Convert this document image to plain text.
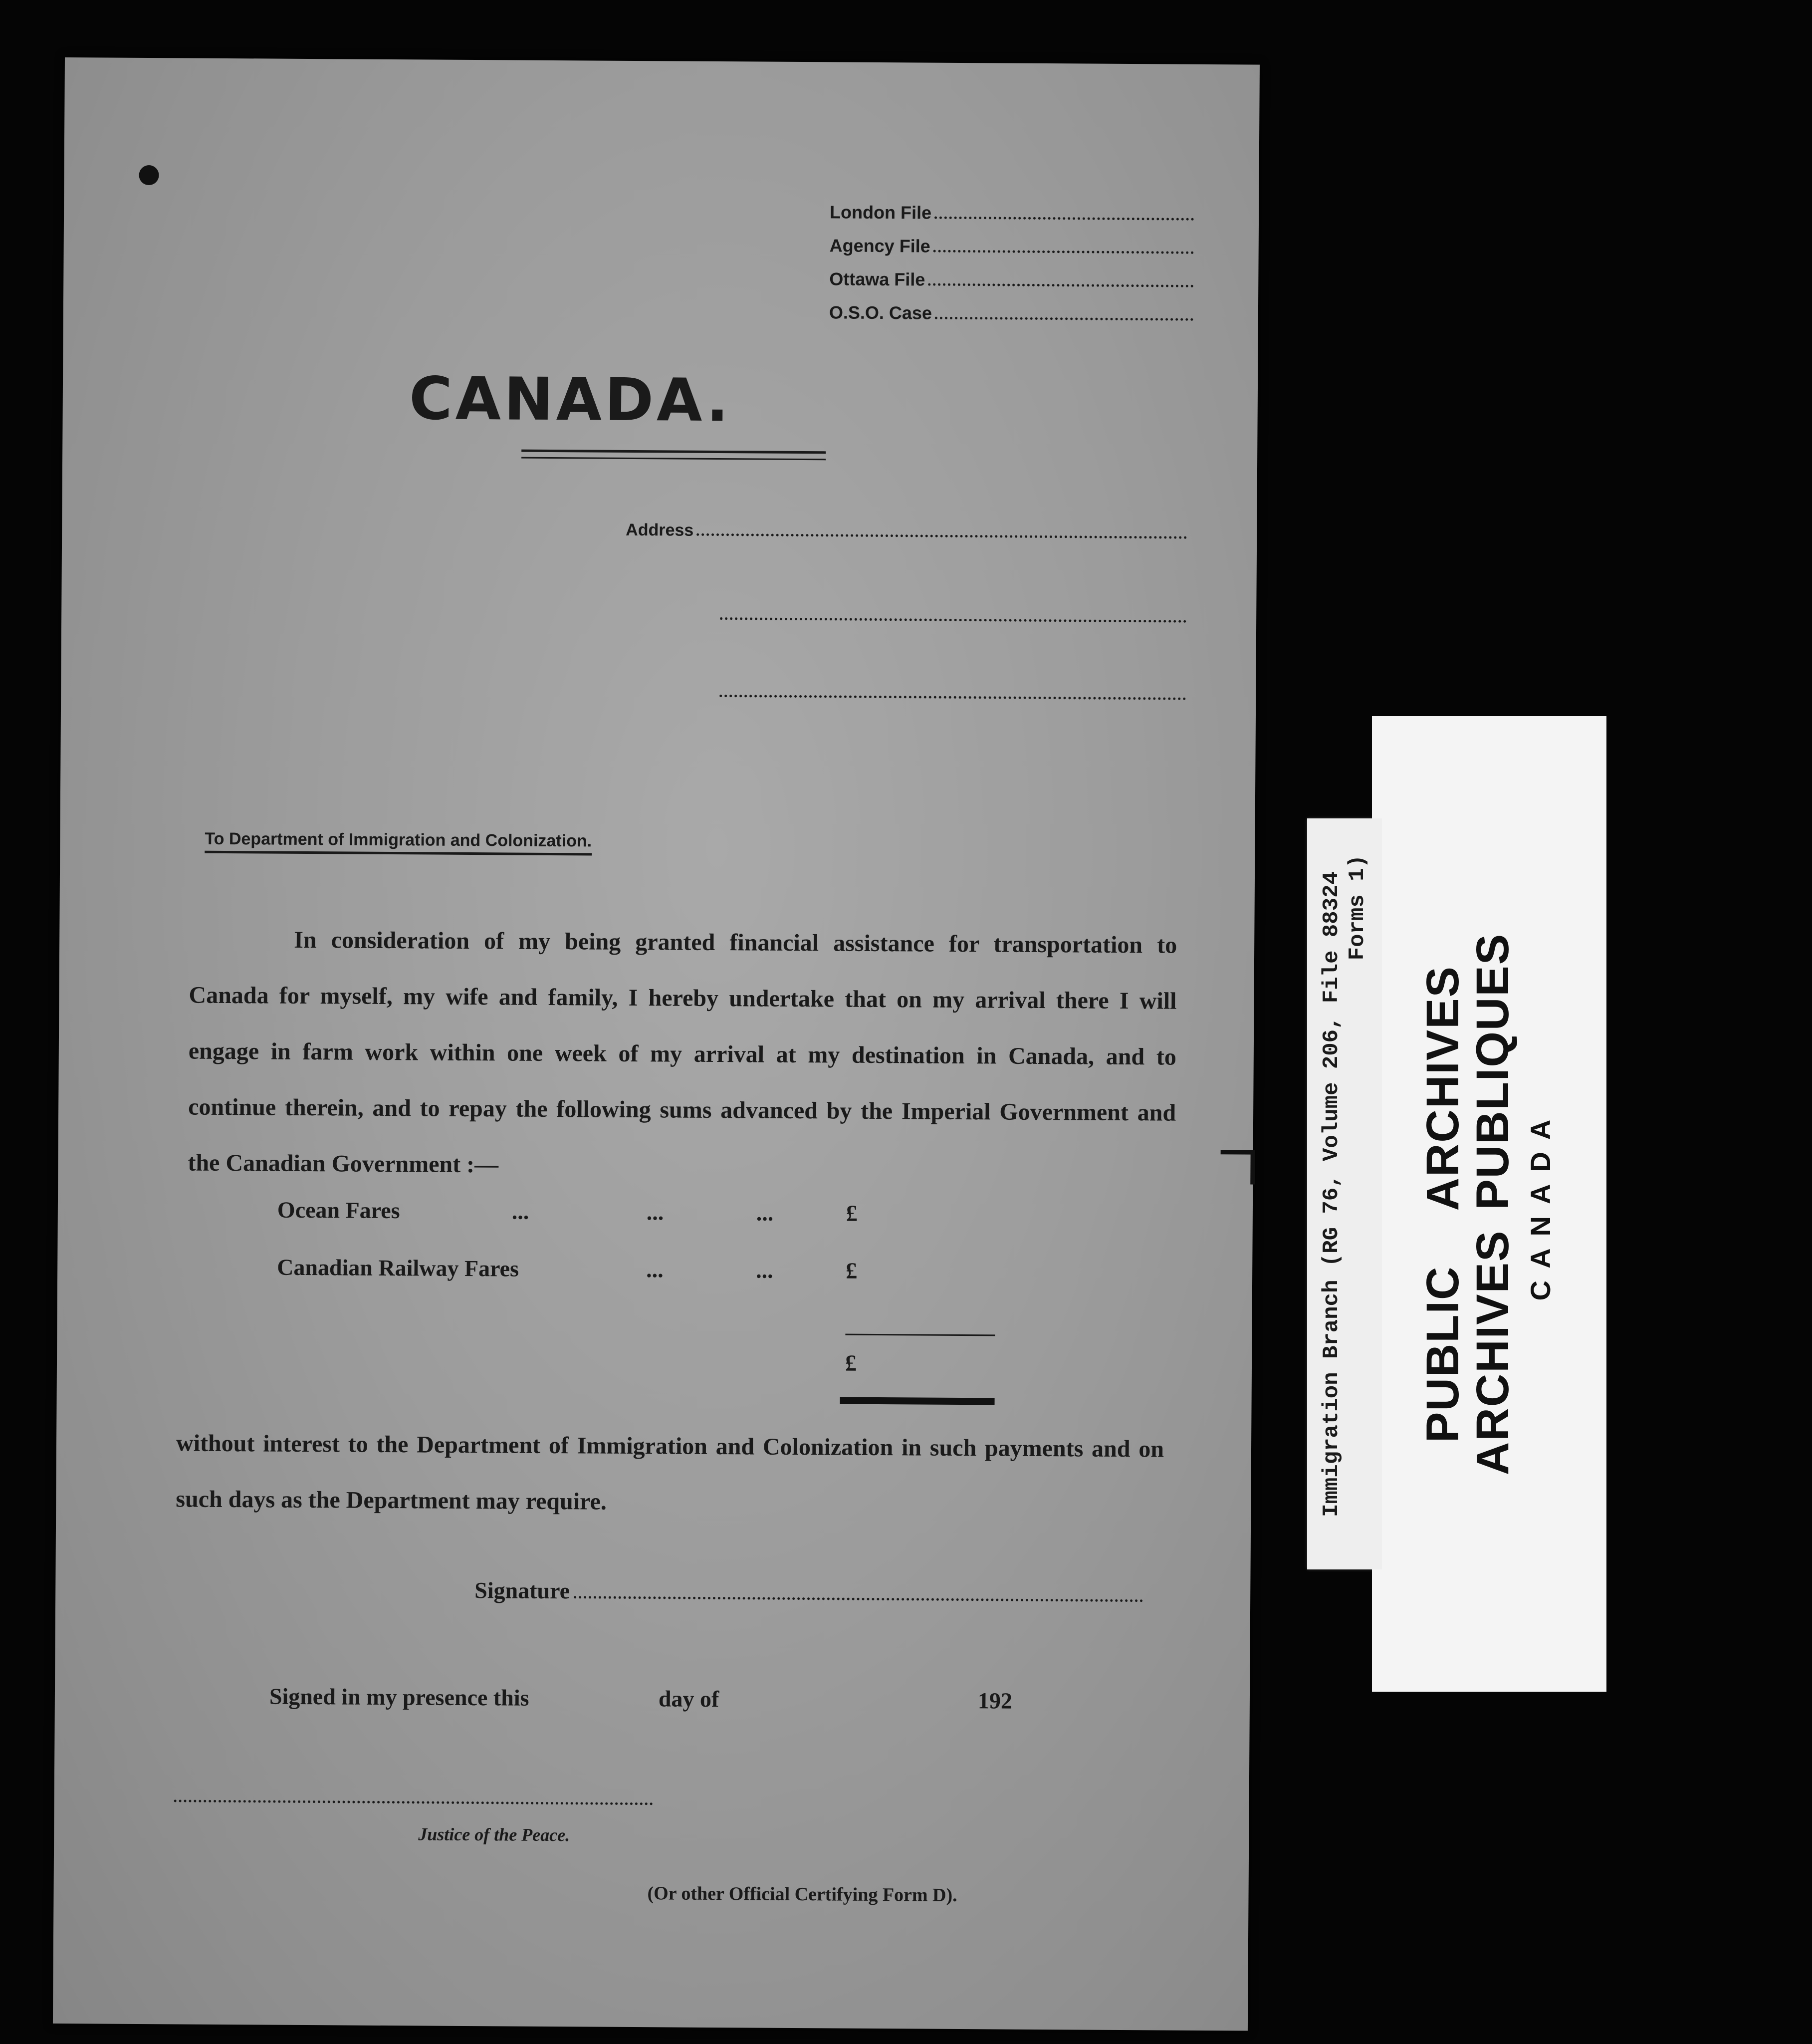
London File
Agency File
Ottawa File
O.S.O. Case
CANADA.
Address
To Department of Immigration and Colonization.
In consideration of my being granted financial assistance for transportation to Canada for myself, my wife and family, I hereby undertake that on my arrival there I will engage in farm work within one week of my arrival at my destination in Canada, and to continue therein, and to repay the following sums advanced by the Imperial Government and the Canadian Government :—
Ocean Fares	...	...	...	£
Canadian Railway Fares	...	...	£
£
without interest to the Department of Immigration and Colonization in such payments and on such days as the Department may require.
Signature
Signed in my presence this	day of	192
Justice of the Peace.
(Or other Official Certifying Form D).
PUBLICARCHIVES
ARCHIVESPUBLIQUES CANADA
Immigration Branch (RG 76, Volume 206, File 88324 Forms 1)
